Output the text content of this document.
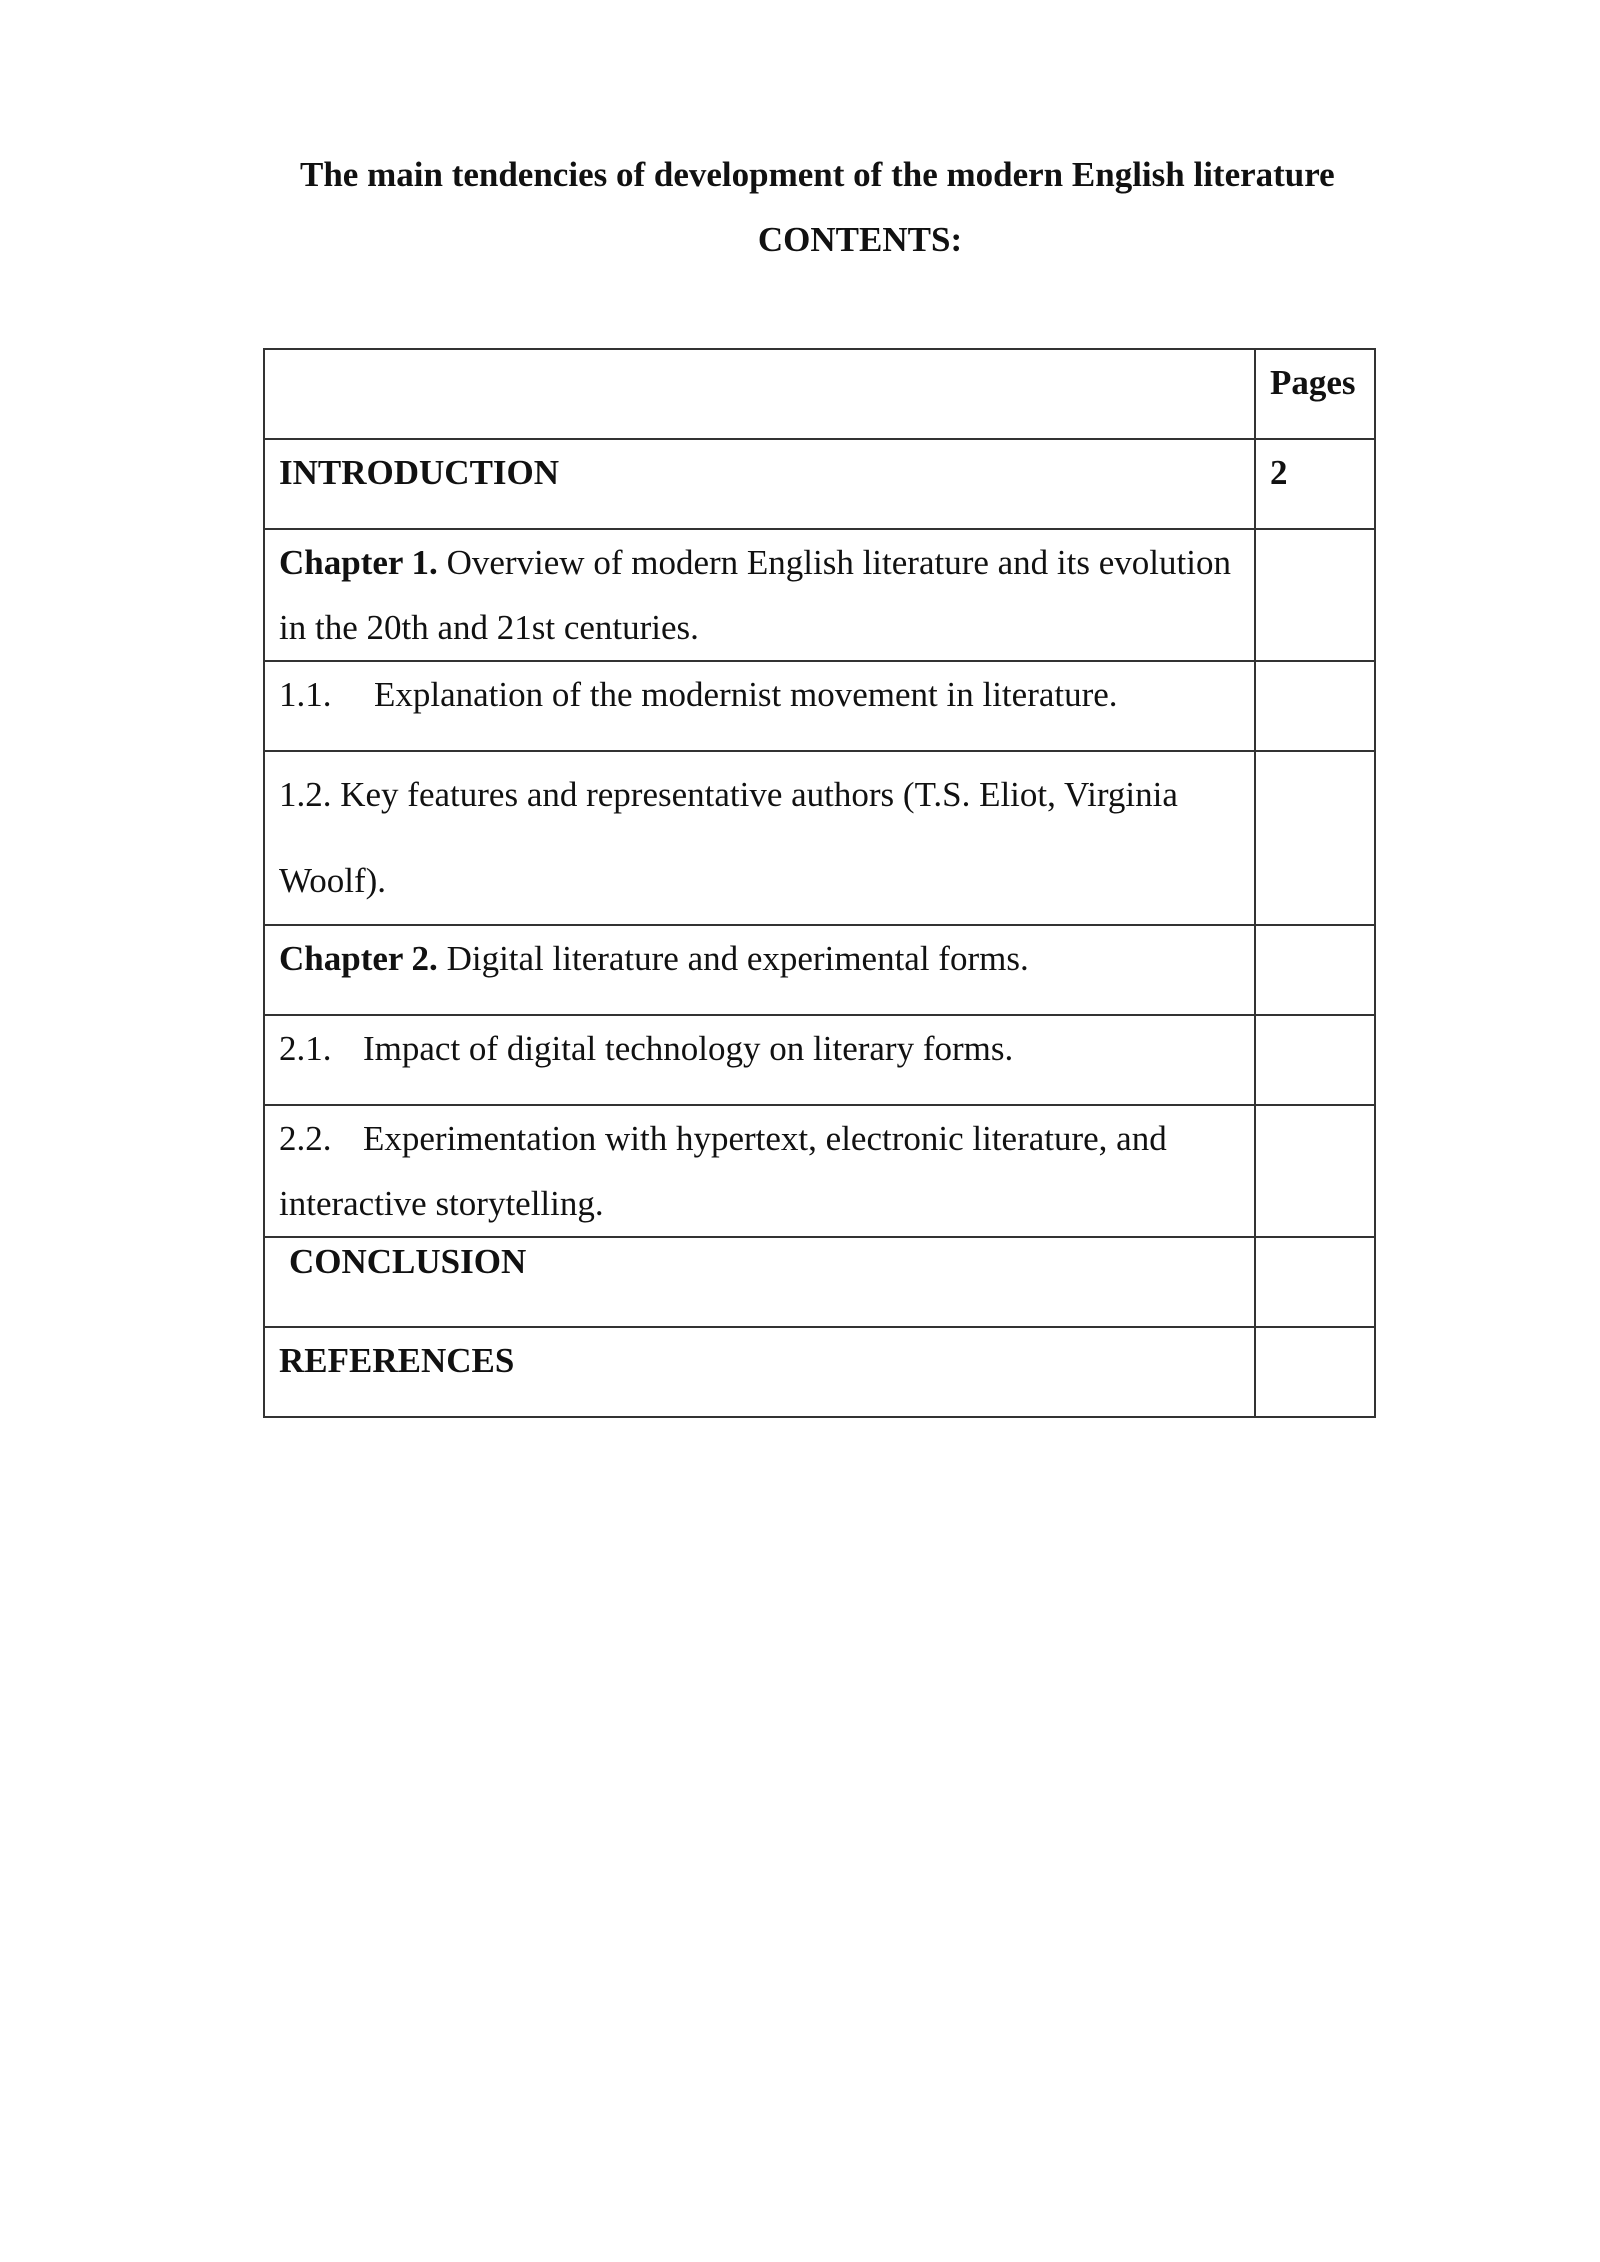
The main tendencies of development of the modern English literature
CONTENTS:
	Pages
INTRODUCTION	2
Chapter 1. Overview of modern English literature and its evolution in the 20th and 21st centuries.	
1.1. Explanation of the modernist movement in literature.	
1.2. Key features and representative authors (T.S. Eliot, Virginia Woolf).	
Chapter 2. Digital literature and experimental forms.	
2.1. Impact of digital technology on literary forms.	
2.2. Experimentation with hypertext, electronic literature, and interactive storytelling.	
CONCLUSION	
REFERENCES	
